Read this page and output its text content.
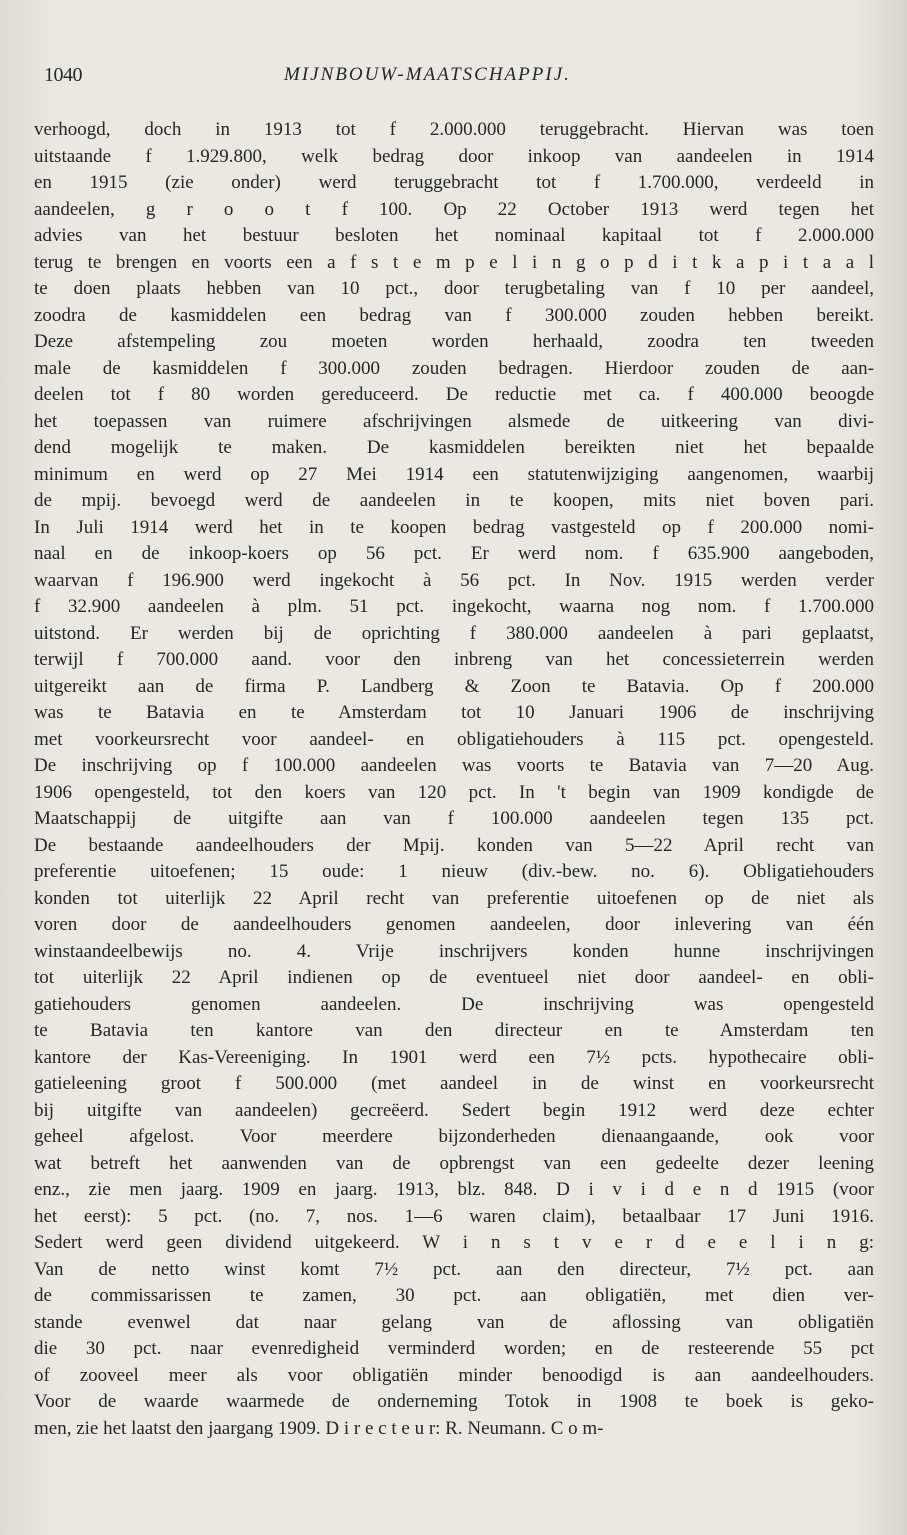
1040	MIJNBOUW-MAATSCHAPPIJ.
verhoogd, doch in 1913 tot f 2.000.000 teruggebracht. Hiervan was toen
uitstaande f 1.929.800, welk bedrag door inkoop van aandeelen in 1914
en 1915 (zie onder) werd teruggebracht tot f 1.700.000, verdeeld in
aandeelen, g r o o t f 100. Op 22 October 1913 werd tegen het
advies van het bestuur besloten het nominaal kapitaal tot f 2.000.000
terug te brengen en voorts een a f s t e m p e l i n g o p d i t k a p i t a a l
te doen plaats hebben van 10 pct., door terugbetaling van f 10 per aandeel,
zoodra de kasmiddelen een bedrag van f 300.000 zouden hebben bereikt.
Deze afstempeling zou moeten worden herhaald, zoodra ten tweeden
male de kasmiddelen f 300.000 zouden bedragen. Hierdoor zouden de aan-
deelen tot f 80 worden gereduceerd. De reductie met ca. f 400.000 beoogde
het toepassen van ruimere afschrijvingen alsmede de uitkeering van divi-
dend mogelijk te maken. De kasmiddelen bereikten niet het bepaalde
minimum en werd op 27 Mei 1914 een statutenwijziging aangenomen, waarbij
de mpij. bevoegd werd de aandeelen in te koopen, mits niet boven pari.
In Juli 1914 werd het in te koopen bedrag vastgesteld op f 200.000 nomi-
naal en de inkoop-koers op 56 pct. Er werd nom. f 635.900 aangeboden,
waarvan f 196.900 werd ingekocht à 56 pct. In Nov. 1915 werden verder
f 32.900 aandeelen à plm. 51 pct. ingekocht, waarna nog nom. f 1.700.000
uitstond. Er werden bij de oprichting f 380.000 aandeelen à pari geplaatst,
terwijl f 700.000 aand. voor den inbreng van het concessieterrein werden
uitgereikt aan de firma P. Landberg & Zoon te Batavia. Op f 200.000
was te Batavia en te Amsterdam tot 10 Januari 1906 de inschrijving
met voorkeursrecht voor aandeel- en obligatiehouders à 115 pct. opengesteld.
De inschrijving op f 100.000 aandeelen was voorts te Batavia van 7—20 Aug.
1906 opengesteld, tot den koers van 120 pct. In 't begin van 1909 kondigde de
Maatschappij de uitgifte aan van f 100.000 aandeelen tegen 135 pct.
De bestaande aandeelhouders der Mpij. konden van 5—22 April recht van
preferentie uitoefenen; 15 oude: 1 nieuw (div.-bew. no. 6). Obligatiehouders
konden tot uiterlijk 22 April recht van preferentie uitoefenen op de niet als
voren door de aandeelhouders genomen aandeelen, door inlevering van één
winstaandeelbewijs no. 4. Vrije inschrijvers konden hunne inschrijvingen
tot uiterlijk 22 April indienen op de eventueel niet door aandeel- en obli-
gatiehouders genomen aandeelen. De inschrijving was opengesteld
te Batavia ten kantore van den directeur en te Amsterdam ten
kantore der Kas-Vereeniging. In 1901 werd een 7½ pcts. hypothecaire obli-
gatieleening groot f 500.000 (met aandeel in de winst en voorkeursrecht
bij uitgifte van aandeelen) gecreëerd. Sedert begin 1912 werd deze echter
geheel afgelost. Voor meerdere bijzonderheden dienaangaande, ook voor
wat betreft het aanwenden van de opbrengst van een gedeelte dezer leening
enz., zie men jaarg. 1909 en jaarg. 1913, blz. 848. D i v i d e n d 1915 (voor
het eerst): 5 pct. (no. 7, nos. 1—6 waren claim), betaalbaar 17 Juni 1916.
Sedert werd geen dividend uitgekeerd. W i n s t v e r d e e l i n g:
Van de netto winst komt 7½ pct. aan den directeur, 7½ pct. aan
de commissarissen te zamen, 30 pct. aan obligatiën, met dien ver-
stande evenwel dat naar gelang van de aflossing van obligatiën
die 30 pct. naar evenredigheid verminderd worden; en de resteerende 55 pct
of zooveel meer als voor obligatiën minder benoodigd is aan aandeelhouders.
Voor de waarde waarmede de onderneming Totok in 1908 te boek is geko-
men, zie het laatst den jaargang 1909. D i r e c t e u r: R. Neumann. C o m-
